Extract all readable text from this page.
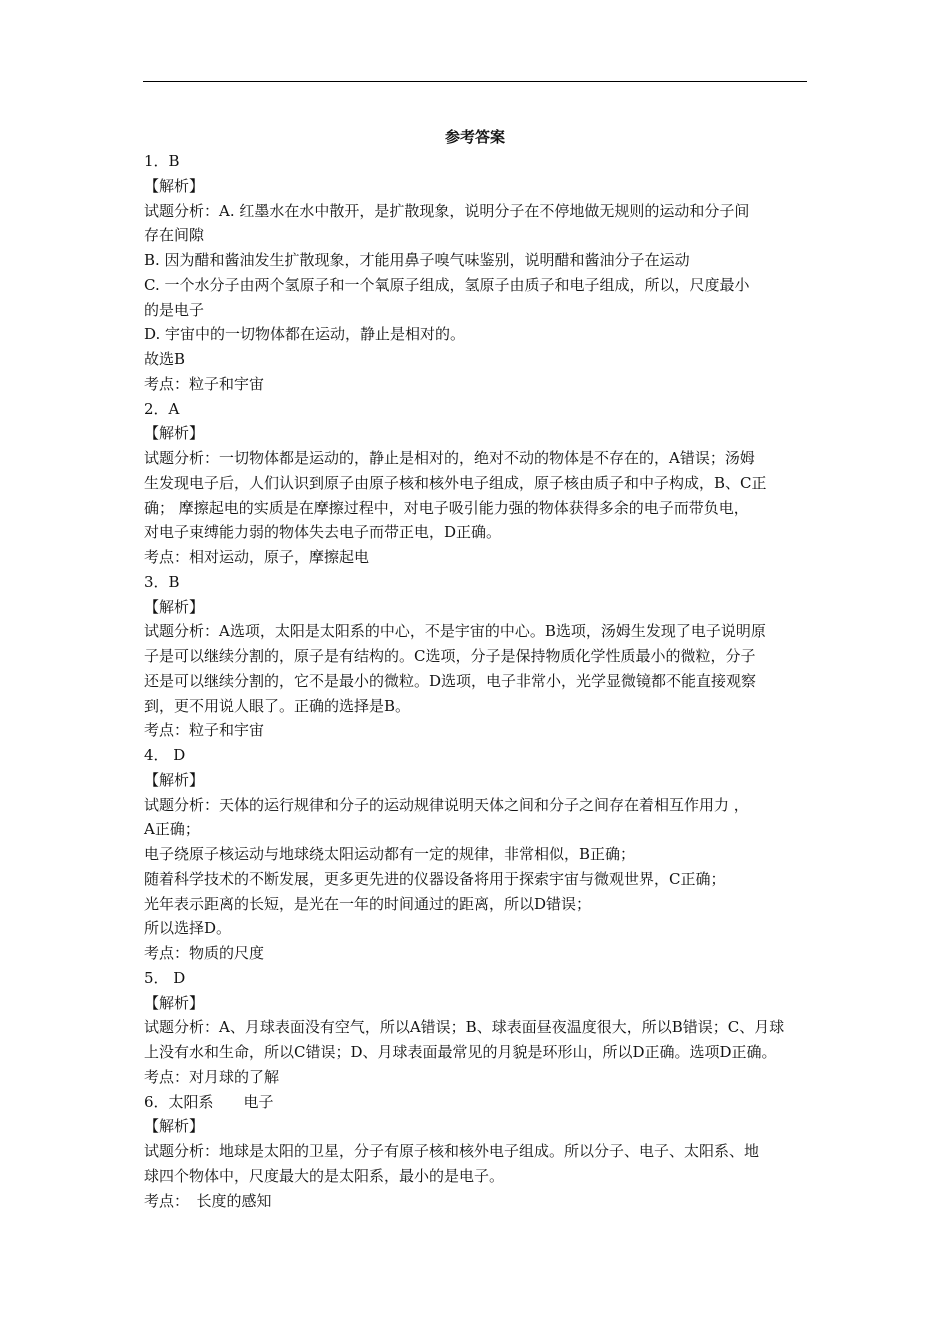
参考答案
1．B
【解析】
试题分析：A. 红墨水在水中散开，是扩散现象，说明分子在不停地做无规则的运动和分子间
存在间隙
B. 因为醋和酱油发生扩散现象，才能用鼻子嗅气味鉴别，说明醋和酱油分子在运动
C. 一个水分子由两个氢原子和一个氧原子组成，氢原子由质子和电子组成，所以，尺度最小
的是电子
D. 宇宙中的一切物体都在运动，静止是相对的。
故选B
考点：粒子和宇宙
2．A
【解析】
试题分析：一切物体都是运动的，静止是相对的，绝对不动的物体是不存在的，A错误；汤姆
生发现电子后，人们认识到原子由原子核和核外电子组成，原子核由质子和中子构成，B、C正
确； 摩擦起电的实质是在摩擦过程中，对电子吸引能力强的物体获得多余的电子而带负电，
对电子束缚能力弱的物体失去电子而带正电，D正确。
考点：相对运动，原子，摩擦起电
3．B
【解析】
试题分析：A选项，太阳是太阳系的中心，不是宇宙的中心。B选项，汤姆生发现了电子说明原
子是可以继续分割的，原子是有结构的。C选项，分子是保持物质化学性质最小的微粒，分子
还是可以继续分割的，它不是最小的微粒。D选项，电子非常小，光学显微镜都不能直接观察
到，更不用说人眼了。正确的选择是B。
考点：粒子和宇宙
4． D
【解析】
试题分析：天体的运行规律和分子的运动规律说明天体之间和分子之间存在着相互作用力 ，
A正确；
电子绕原子核运动与地球绕太阳运动都有一定的规律，非常相似，B正确；
随着科学技术的不断发展，更多更先进的仪器设备将用于探索宇宙与微观世界，C正确；
光年表示距离的长短，是光在一年的时间通过的距离，所以D错误；
所以选择D。
考点：物质的尺度
5． D
【解析】
试题分析：A、月球表面没有空气，所以A错误；B、球表面昼夜温度很大，所以B错误；C、月球
上没有水和生命，所以C错误；D、月球表面最常见的月貌是环形山，所以D正确。选项D正确。
考点：对月球的了解
6．太阳系　　电子
【解析】
试题分析：地球是太阳的卫星，分子有原子核和核外电子组成。所以分子、电子、太阳系、地
球四个物体中，尺度最大的是太阳系，最小的是电子。
考点：　长度的感知
